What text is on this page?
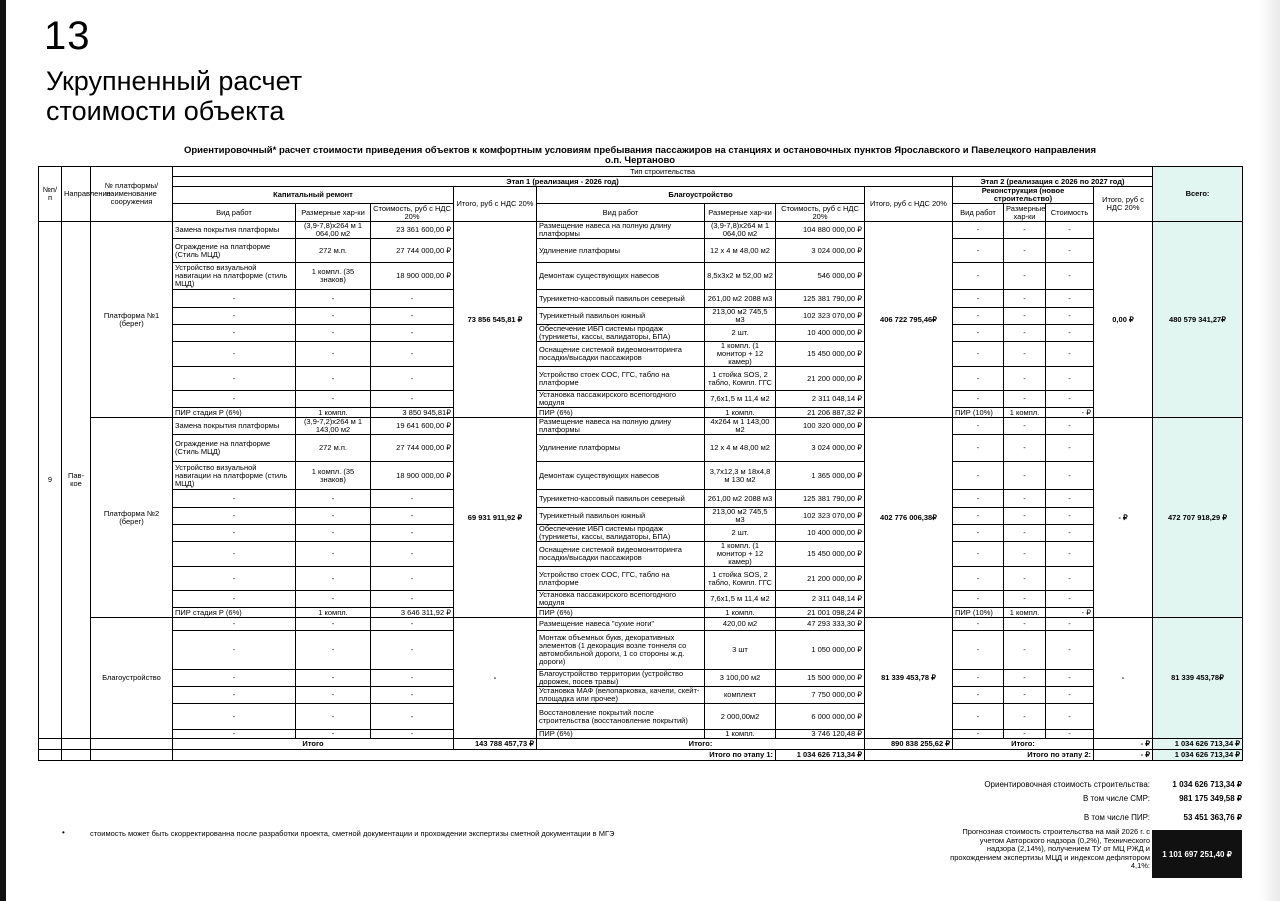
13
Укрупненный расчет
стоимости объекта
Ориентировочный* расчет стоимости приведения объектов к комфортным условиям пребывания пассажиров на станциях и остановочных пунктов Ярославского и Павелецкого направления
о.п. Чертаново
№п/п	Направление	№ платформы/наименование сооружения	Тип строительства												Всего:
			Этап 1 (реализация - 2026 год)								Этап 2 (реализация с 2026 по 2027 год)				
			Капитальный ремонт			Итого, руб с НДС 20%	Благоустройство			Итого, руб с НДС 20%	Реконструкция (новое строительство)			Итого, руб с НДС 20%	
			Вид работ	Размерные хар-ки	Стоимость, руб с НДС 20%		Вид работ	Размерные хар-ки	Стоимость, руб с НДС 20%		Вид работ	Размерные хар-ки	Стоимость		
9	Пав-кое	Платформа №1 (берег)	Замена покрытия платформы	(3,9-7,8)х264 м 1 064,00 м2	23 361 600,00 ₽	73 856 545,81 ₽	Размещение навеса на полную длину платформы	(3,9-7,8)х264 м 1 064,00 м2	104 880 000,00 ₽	406 722 795,46₽	-	-	-	0,00 ₽	480 579 341,27₽
			Ограждение на платформе (Стиль МЦД)	272 м.п.	27 744 000,00 ₽		Удлинение платформы	12 х 4 м 48,00 м2	3 024 000,00 ₽		-	-	-		
			Устройство визуальной навигации на платформе (стиль МЦД)	1 компл. (35 знаков)	18 900 000,00 ₽		Демонтаж существующих навесов	8,5х3х2 м 52,00 м2	546 000,00 ₽		-	-	-		
			-	-	-		Турникетно-кассовый павильон северный	261,00 м2 2088 м3	125 381 790,00 ₽		-	-	-		
			-	-	-		Турникетный павильон южный	213,00 м2 745,5 м3	102 323 070,00 ₽		-	-	-		
			-	-	-		Обеспечение ИБП системы продаж (турникеты, кассы, валидаторы, БПА)	2 шт.	10 400 000,00 ₽		-	-	-		
			-	-	-		Оснащение системой видеомониторинга посадки/высадки пассажиров	1 компл. (1 монитор + 12 камер)	15 450 000,00 ₽		-	-	-		
			-	-	-		Устройство стоек СОС, ГГС, табло на платформе	1 стойка SOS, 2 табло, Компл. ГГС	21 200 000,00 ₽		-	-	-		
			-	-	-		Установка пассажирского всепогодного модуля	7,6х1,5 м 11,4 м2	2 311 048,14 ₽		-	-	-		
			ПИР стадия Р (6%)	1 компл.	3 850 945,81₽		ПИР (6%)	1 компл.	21 206 887,32 ₽		ПИР (10%)	1 компл.	- ₽		
		Платформа №2 (берег)	Замена покрытия платформы	(3,9-7,2)х264 м 1 143,00 м2	19 641 600,00 ₽	69 931 911,92 ₽	Размещение навеса на полную длину платформы	4х264 м 1 143,00 м2	100 320 000,00 ₽	402 776 006,38₽	-	-	-	- ₽	472 707 918,29 ₽
			Ограждение на платформе (Стиль МЦД)	272 м.п.	27 744 000,00 ₽		Удлинение платформы	12 х 4 м 48,00 м2	3 024 000,00 ₽		-	-	-		
			Устройство визуальной навигации на платформе (стиль МЦД)	1 компл. (35 знаков)	18 900 000,00 ₽		Демонтаж существующих навесов	3,7х12,3 м 18х4,8 м 130 м2	1 365 000,00 ₽		-	-	-		
			-	-	-		Турникетно-кассовый павильон северный	261,00 м2 2088 м3	125 381 790,00 ₽		-	-	-		
			-	-	-		Турникетный павильон южный	213,00 м2 745,5 м3	102 323 070,00 ₽		-	-	-		
			-	-	-		Обеспечение ИБП системы продаж (турникеты, кассы, валидаторы, БПА)	2 шт.	10 400 000,00 ₽		-	-	-		
			-	-	-		Оснащение системой видеомониторинга посадки/высадки пассажиров	1 компл. (1 монитор + 12 камер)	15 450 000,00 ₽		-	-	-		
			-	-	-		Устройство стоек СОС, ГГС, табло на платформе	1 стойка SOS, 2 табло, Компл. ГГС	21 200 000,00 ₽		-	-	-		
			-	-	-		Установка пассажирского всепогодного модуля	7,6х1,5 м 11,4 м2	2 311 048,14 ₽		-	-	-		
			ПИР стадия Р (6%)	1 компл.	3 646 311,92 ₽		ПИР (6%)	1 компл.	21 001 098,24 ₽		ПИР (10%)	1 компл.	- ₽		
		Благоустройство	-	-	-	-	Размещение навеса "сухие ноги"	420,00 м2	47 293 333,30 ₽	81 339 453,78 ₽	-	-	-	-	81 339 453,78₽
			-	-	-		Монтаж объемных букв, декоративных элементов (1 декорация возле тоннеля со автомобильной дороги, 1 со стороны ж.д. дороги)	3 шт	1 050 000,00 ₽		-	-	-		
			-	-	-		Благоустройство территории (устройство дорожек, посев травы)	3 100,00 м2	15 500 000,00 ₽		-	-	-		
			-	-	-		Установка МАФ (велопарковка, качели, скейт-площадка или прочее)	комплект	7 750 000,00 ₽		-	-	-		
			-	-	-		Восстановление покрытий после строительства (восстановление покрытий)	2 000,00м2	6 000 000,00 ₽		-	-	-		
			-	-	-		ПИР (6%)	1 компл.	3 746 120,48 ₽		-	-	-		
			Итого			143 788 457,73 ₽	Итого:			890 838 255,62 ₽	Итого:			- ₽	1 034 626 713,34 ₽
			Итого по этапу 1:						1 034 626 713,34 ₽	Итого по этапу 2:				- ₽	1 034 626 713,34 ₽
Ориентировочная стоимость строительства:	1 034 626 713,34 ₽
В том числе СМР:	981 175 349,58 ₽
В том числе ПИР:	53 451 363,76 ₽
Прогнозная стоимость строительства на май 2026 г. с учетом Авторского надзора (0,2%), Технического надзора (2,14%), получением ТУ от МЦ РЖД и прохождением экспертизы МЦД и индексом дефлятором 4,1%:
1 101 697 251,40 ₽
•	стоимость может быть скорректированна после разработки проекта, сметной документации и прохождении экспертизы сметной документации в МГЭ
